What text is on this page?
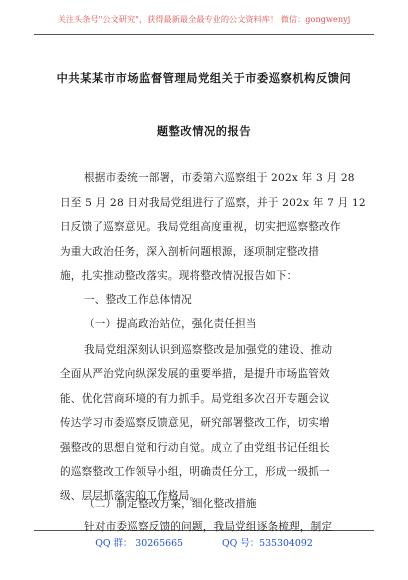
关注头条号"公文研究"，获得最新最全最专业的公文资料库！ 微信：gongwenyj
中共某某市市场监督管理局党组关于市委巡察机构反馈问
题整改情况的报告
根据市委统一部署，市委第六巡察组于 202x 年 3 月 28
日至 5 月 28 日对我局党组进行了巡察，并于 202x 年 7 月 12
日反馈了巡察意见。我局党组高度重视，切实把巡察整改作
为重大政治任务，深入剖析问题根源，逐项制定整改措
施，扎实推动整改落实。现将整改情况报告如下：
一、整改工作总体情况
（一）提高政治站位，强化责任担当
我局党组深刻认识到巡察整改是加强党的建设、推动
全面从严治党向纵深发展的重要举措，是提升市场监管效
能、优化营商环境的有力抓手。局党组多次召开专题会议
传达学习市委巡察反馈意见，研究部署整改工作，切实增
强整改的思想自觉和行动自觉。成立了由党组书记任组长
的巡察整改工作领导小组，明确责任分工，形成一级抓一
级、层层抓落实的工作格局。
（二）制定整改方案，细化整改措施
QQ 群： 30265665	QQ 号：535304092
针对市委巡察反馈的问题，我局党组逐条梳理，制定
